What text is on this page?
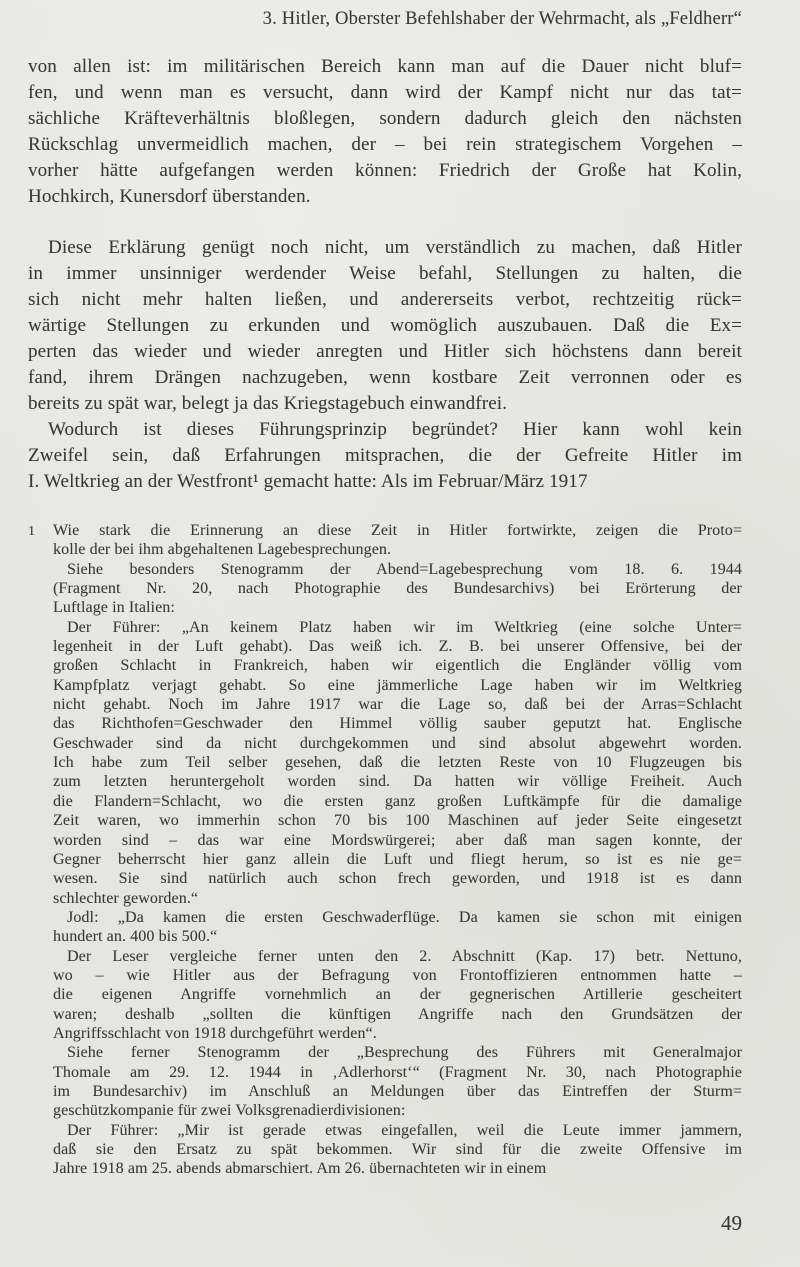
3. Hitler, Oberster Befehlshaber der Wehrmacht, als „Feldherr“
von allen ist: im militärischen Bereich kann man auf die Dauer nicht bluf=
fen, und wenn man es versucht, dann wird der Kampf nicht nur das tat=
sächliche Kräfteverhältnis bloßlegen, sondern dadurch gleich den nächsten
Rückschlag unvermeidlich machen, der – bei rein strategischem Vorgehen –
vorher hätte aufgefangen werden können: Friedrich der Große hat Kolin,
Hochkirch, Kunersdorf überstanden.
Diese Erklärung genügt noch nicht, um verständlich zu machen, daß Hitler
in immer unsinniger werdender Weise befahl, Stellungen zu halten, die
sich nicht mehr halten ließen, und andererseits verbot, rechtzeitig rück=
wärtige Stellungen zu erkunden und womöglich auszubauen. Daß die Ex=
perten das wieder und wieder anregten und Hitler sich höchstens dann bereit
fand, ihrem Drängen nachzugeben, wenn kostbare Zeit verronnen oder es
bereits zu spät war, belegt ja das Kriegstagebuch einwandfrei.
Wodurch ist dieses Führungsprinzip begründet? Hier kann wohl kein
Zweifel sein, daß Erfahrungen mitsprachen, die der Gefreite Hitler im
I. Weltkrieg an der Westfront¹ gemacht hatte: Als im Februar/März 1917
1 Wie stark die Erinnerung an diese Zeit in Hitler fortwirkte, zeigen die Proto=
kolle der bei ihm abgehaltenen Lagebesprechungen.
Siehe besonders Stenogramm der Abend=Lagebesprechung vom 18. 6. 1944
(Fragment Nr. 20, nach Photographie des Bundesarchivs) bei Erörterung der
Luftlage in Italien:
Der Führer: „An keinem Platz haben wir im Weltkrieg (eine solche Unter=
legenheit in der Luft gehabt). Das weiß ich. Z. B. bei unserer Offensive, bei der
großen Schlacht in Frankreich, haben wir eigentlich die Engländer völlig vom
Kampfplatz verjagt gehabt. So eine jämmerliche Lage haben wir im Weltkrieg
nicht gehabt. Noch im Jahre 1917 war die Lage so, daß bei der Arras=Schlacht
das Richthofen=Geschwader den Himmel völlig sauber geputzt hat. Englische
Geschwader sind da nicht durchgekommen und sind absolut abgewehrt worden.
Ich habe zum Teil selber gesehen, daß die letzten Reste von 10 Flugzeugen bis
zum letzten heruntergeholt worden sind. Da hatten wir völlige Freiheit. Auch
die Flandern=Schlacht, wo die ersten ganz großen Luftkämpfe für die damalige
Zeit waren, wo immerhin schon 70 bis 100 Maschinen auf jeder Seite eingesetzt
worden sind – das war eine Mordswürgerei; aber daß man sagen konnte, der
Gegner beherrscht hier ganz allein die Luft und fliegt herum, so ist es nie ge=
wesen. Sie sind natürlich auch schon frech geworden, und 1918 ist es dann
schlechter geworden.“
Jodl: „Da kamen die ersten Geschwaderflüge. Da kamen sie schon mit einigen
hundert an. 400 bis 500.“
Der Leser vergleiche ferner unten den 2. Abschnitt (Kap. 17) betr. Nettuno,
wo – wie Hitler aus der Befragung von Frontoffizieren entnommen hatte –
die eigenen Angriffe vornehmlich an der gegnerischen Artillerie gescheitert
waren; deshalb „sollten die künftigen Angriffe nach den Grundsätzen der
Angriffsschlacht von 1918 durchgeführt werden“.
Siehe ferner Stenogramm der „Besprechung des Führers mit Generalmajor
Thomale am 29. 12. 1944 in ‚Adlerhorst‘“ (Fragment Nr. 30, nach Photographie
im Bundesarchiv) im Anschluß an Meldungen über das Eintreffen der Sturm=
geschützkompanie für zwei Volksgrenadierdivisionen:
Der Führer: „Mir ist gerade etwas eingefallen, weil die Leute immer jammern,
daß sie den Ersatz zu spät bekommen. Wir sind für die zweite Offensive im
Jahre 1918 am 25. abends abmarschiert. Am 26. übernachteten wir in einem
49
